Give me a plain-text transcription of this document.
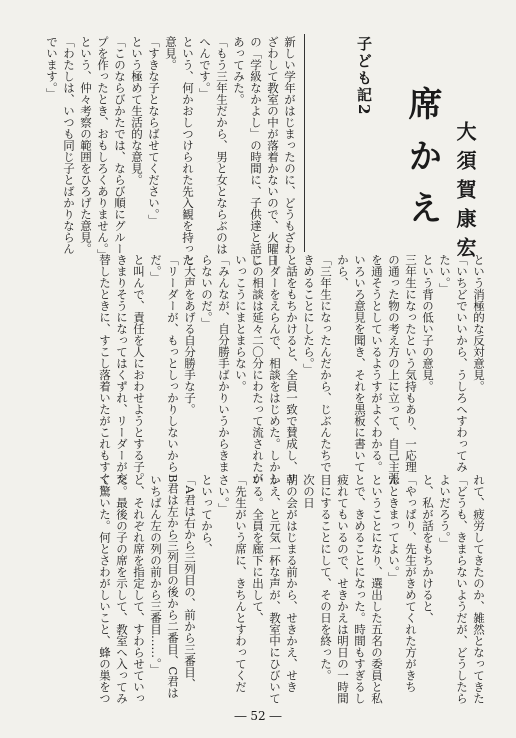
子ども記2
席かえ 大須賀康宏
新しい学年がはじまったのに、どうもざわ
ざわして教室の中が落着かないので、火曜日
の「学級なかよし」の時間に、子供達と話し
あってみた。
「もう三年生だから、男と女とならぶのは
へんです。」
という、何かおしつけられた先入観を持った
意見。
「すきな子とならばせてください。」
という極めて生活的な意見。
「このならびかたでは、ならび順にグルー
プを作ったとき、おもしろくありません。」
という、仲々考察の範囲をひろげた意見。
「わたしは、いつも同じ子とばかりならん
でいます。」
という消極的な反対意見。
「いちどでいいから、うしろへすわってみ
たい。」
という背の低い子の意見。
三年生になったという気持もあり、一応理
の通った物の考え方の上に立って、自己主張
を通そうとしているようすがよくわかる。
いろいろ意見を聞き、それを黒板に書いて
から、
「三年生になったんだから、じぶんたちで
きめることにしたら。」
と話をもちかけると、全員一致で賛成し、リ
ーダーをえらんで、相談をはじめた。しかし
この相談は延々二〇分にわたって流されたが
いっこうにまとまらない。
「みんなが、自分勝手ばかりいうからきま
らないのだ。」
と大声をあげる自分勝手な子。
「リーダーが、もっとしっかりしないから
だ。」
と叫んで、責任を人におわせようとする子。
きまりそうになってはくずれ、リーダーが交
替したときに、すこし落着いたがこれもすぐ
れて、疲労してきたのか、雑然となってきた
「どうも、きまらないようだが、どうしたら
よいだろう。」
と、私が話をもちかけると、
「やっぱり、先生がきめてくれた方がきち
んときまってよい。」
ということになり、選出した五名の委員と私
とで、きめることになった。時間もすぎるし
疲れてもいるので、せきかえは明日の一時間
目にすることにして、その日を終った。
次の日
朝の会がはじまる前から、せきかえ、せき
かえ、と元気一杯な声が、教室中にひびいて
いる。全員を廊下に出して、
「先生がいう席に、きちんとすわってくだ
さい。」
といってから、
「A君は右から三列目の、前から三番目、
B君は左から三列目の後から二番目、C君は
いちばん左の列の前から三番目……。」
と、それぞれ席を指定して、すわらせていっ
た。最後の子の席を示して、教室へ入ってみ
て驚いた。何とさわがしいこと、蜂の巣をつ
― 52 ―
